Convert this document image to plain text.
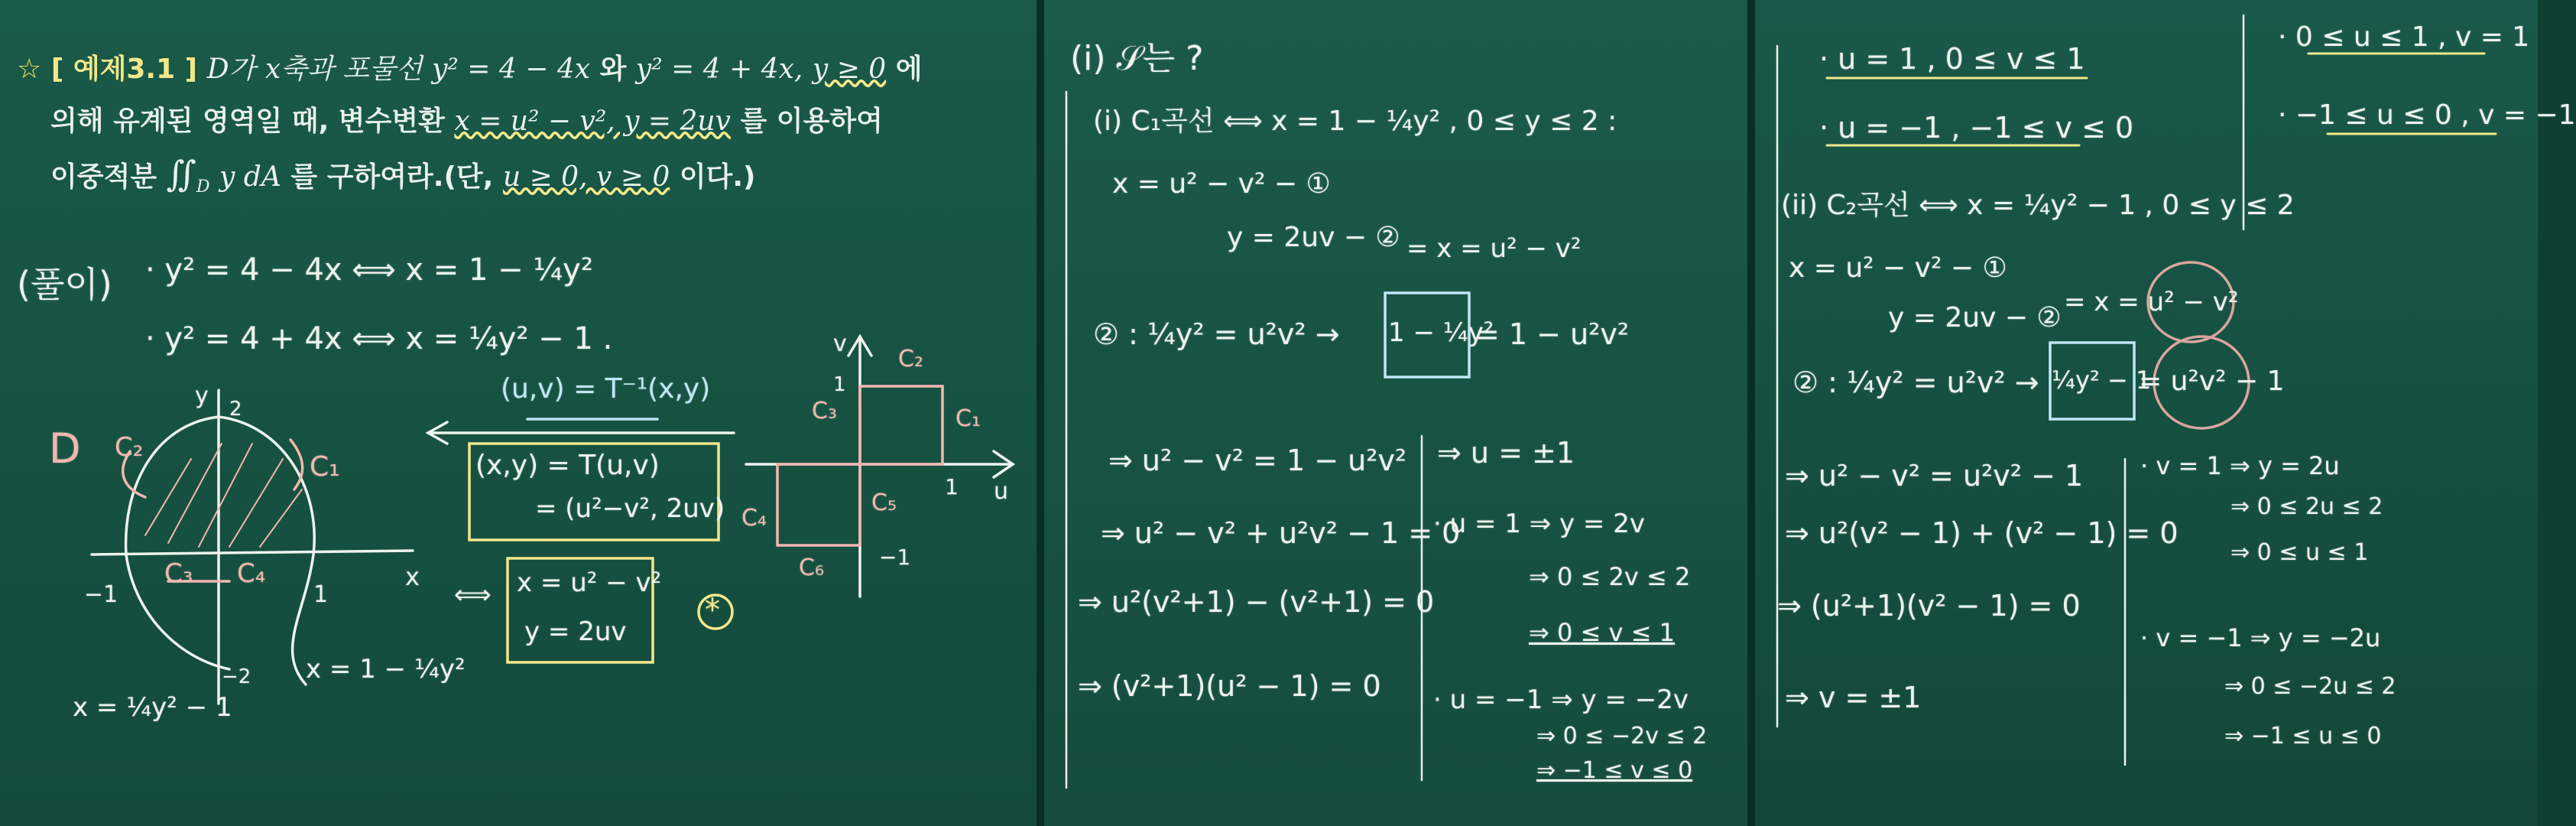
☆ [ 예제3.1 ] D가 x축과 포물선 y² = 4 − 4x 와 y² = 4 + 4x, y ≥ 0 에
의해 유계된 영역일 때, 변수변환 x = u² − v², y = 2uv 를 이용하여
이중적분 $∬_D$ y dA 를 구하여라.(단, u ≥ 0, v ≥ 0 이다.)
(풀이) · y² = 4 − 4x ⟺ x = 1 − ¼y²
· y² = 4 + 4x ⟺ x = ¼y² − 1 .
D C₂
C₁
C₃ C₄
2
−2
−1	1
x
y
x = 1 − ¼y²
x = ¼y² − 1
(u,v) = T⁻¹(x,y)
(x,y) = T(u,v)
= (u²−v², 2uv)
⟺ x = u² − v²
y = 2uv
*
C₂
C₁
C₃
C₅
C₄
C₆
1
−1
u
v
1
(i) 𝒮는 ?
(i) C₁곡선 ⟺ x = 1 − ¼y² , 0 ≤ y ≤ 2 :
x = u² − v² − ①
y = 2uv − ② = x = u² − v²
② : ¼y² = u²v² → 1 − ¼y²
= 1 − u²v²
⇒ u² − v² = 1 − u²v²
⇒ u² − v² + u²v² − 1 = 0
⇒ u²(v²+1) − (v²+1) = 0
⇒ (v²+1)(u² − 1) = 0
⇒ u = ±1
· u = 1 ⇒ y = 2v
⇒ 0 ≤ 2v ≤ 2
⇒ 0 ≤ v ≤ 1
· u = −1 ⇒ y = −2v
⇒ 0 ≤ −2v ≤ 2
⇒ −1 ≤ v ≤ 0
· u = 1 , 0 ≤ v ≤ 1
· u = −1 , −1 ≤ v ≤ 0
· 0 ≤ u ≤ 1 , v = 1
· −1 ≤ u ≤ 0 , v = −1
(ii) C₂곡선 ⟺ x = ¼y² − 1 , 0 ≤ y ≤ 2
x = u² − v² − ①
y = 2uv − ② = x = u² − v²
② : ¼y² = u²v² → ¼y² − 1
= u²v² − 1
⇒ u² − v² = u²v² − 1
⇒ u²(v² − 1) + (v² − 1) = 0
⇒ (u²+1)(v² − 1) = 0
⇒ v = ±1
· v = 1 ⇒ y = 2u
⇒ 0 ≤ 2u ≤ 2
⇒ 0 ≤ u ≤ 1
· v = −1 ⇒ y = −2u
⇒ 0 ≤ −2u ≤ 2
⇒ −1 ≤ u ≤ 0
